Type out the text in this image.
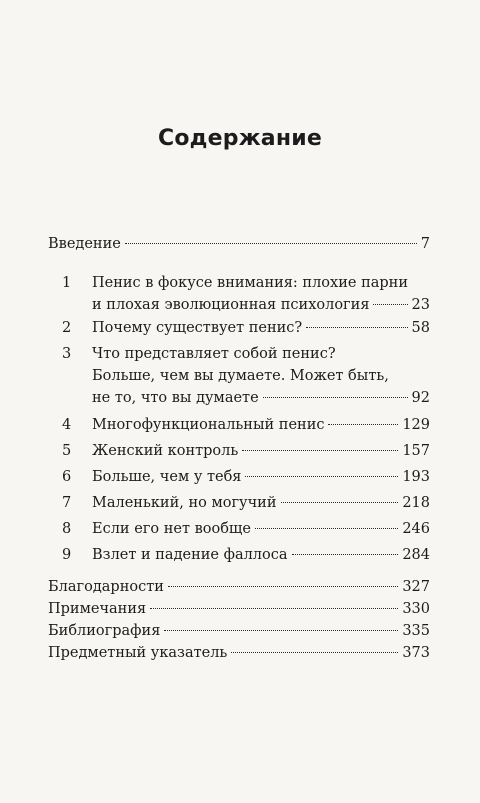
Содержание
Введение	7
1	Пенис в фокусе внимания: плохие парни
и плохая эволюционная психология	23
2	Почему существует пенис?	58
3	Что представляет собой пенис?
Больше, чем вы думаете. Может быть,
не то, что вы думаете	92
4	Многофункциональный пенис	129
5	Женский контроль	157
6	Больше, чем у тебя	193
7	Маленький, но могучий	218
8	Если его нет вообще	246
9	Взлет и падение фаллоса	284
Благодарности	327
Примечания	330
Библиография	335
Предметный указатель	373
